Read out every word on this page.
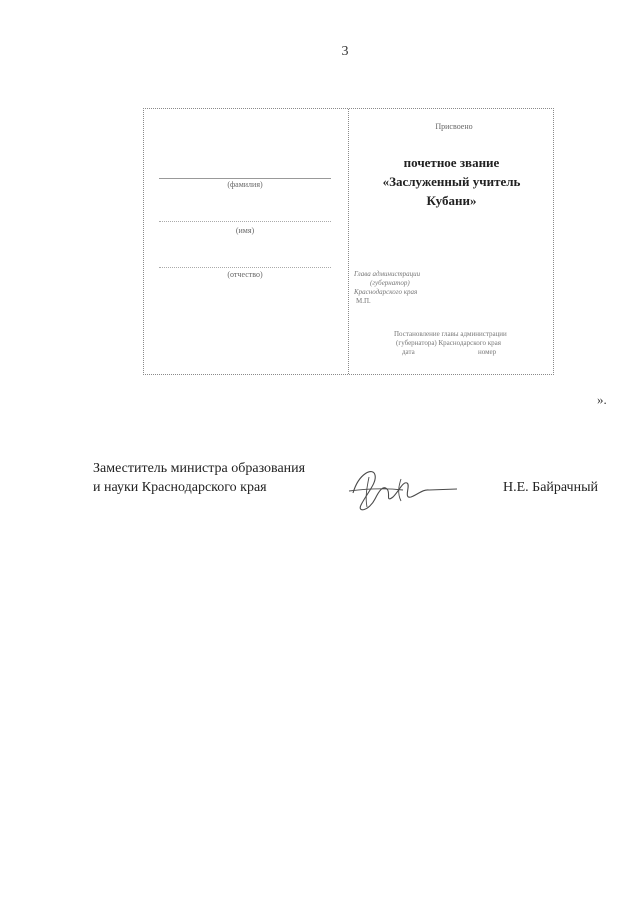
3
(фамилия)
(имя)
(отчество)
Присвоено
почетное звание
«Заслуженный учитель
Кубани»
Глава администрации
(губернатор)
Краснодарского края
М.П.
Постановление главы администрации
(губернатора) Краснодарского края
дата	номер
».
Заместитель министра образования
и науки Краснодарского края	Н.Е. Байрачный
